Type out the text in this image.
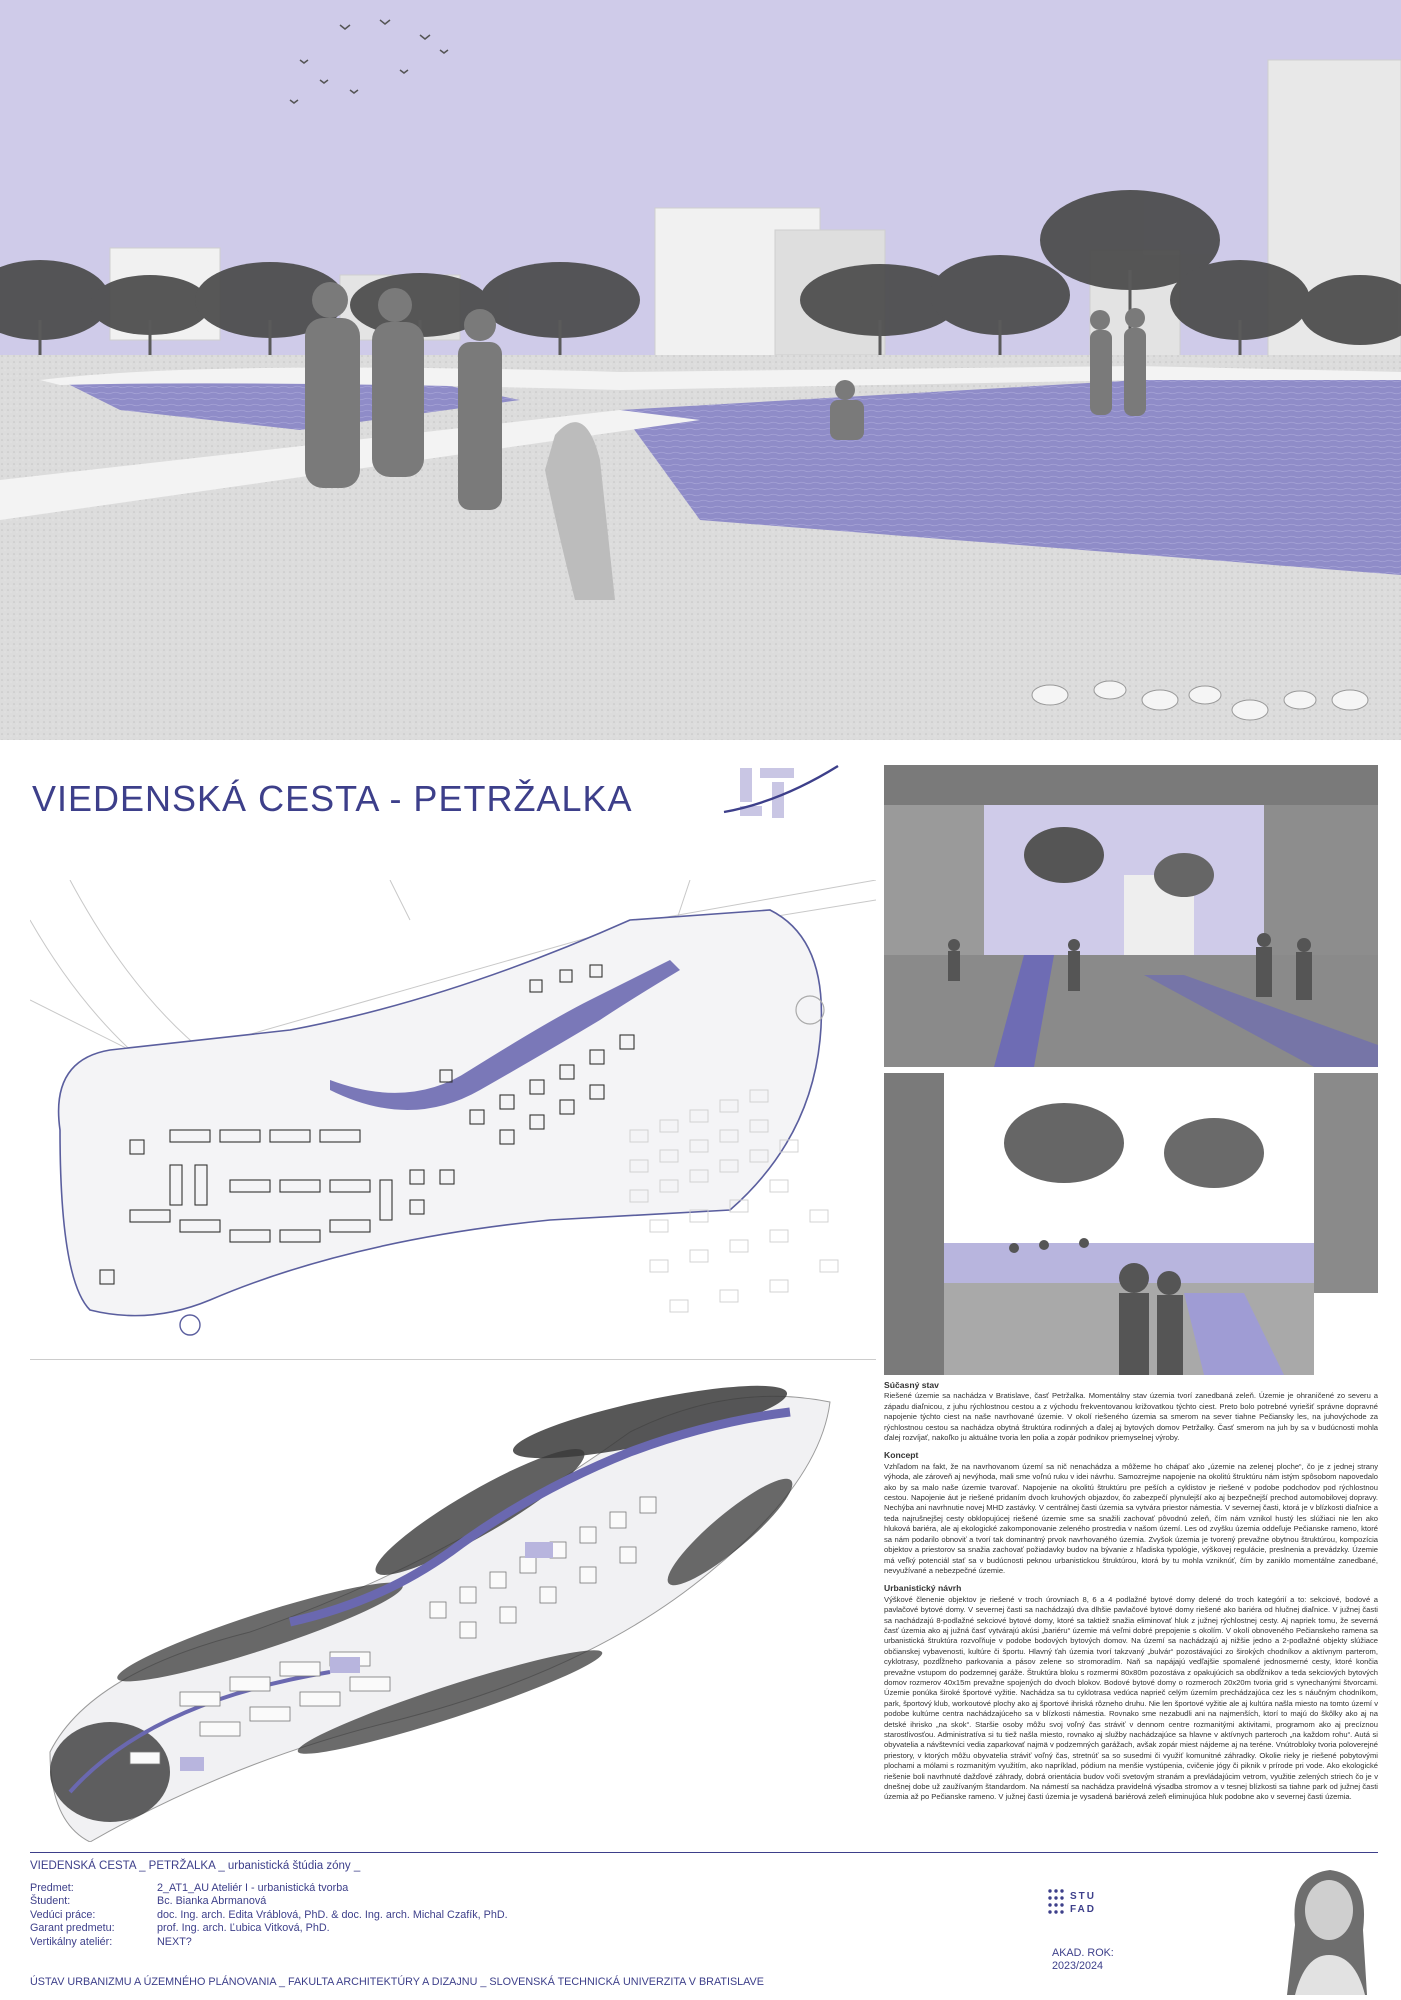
VIEDENSKÁ CESTA - PETRŽALKA
Súčasný stav

Riešené územie sa nachádza v Bratislave, časť Petržalka. Momentálny stav územia tvorí zanedbaná zeleň. Územie je ohraničené zo severu a západu diaľnicou, z juhu rýchlostnou cestou a z východu frekventovanou križovatkou týchto ciest. Preto bolo potrebné vyriešiť správne dopravné napojenie týchto ciest na naše navrhované územie. V okolí riešeného územia sa smerom na sever tiahne Pečiansky les, na juhovýchode za rýchlostnou cestou sa nachádza obytná štruktúra rodinných a ďalej aj bytových domov Petržalky. Časť smerom na juh by sa v budúcnosti mohla ďalej rozvíjať, nakoľko ju aktuálne tvoria len polia a zopár podnikov priemyselnej výroby.

Koncept

Vzhľadom na fakt, že na navrhovanom území sa nič nenachádza a môžeme ho chápať ako „územie na zelenej ploche“, čo je z jednej strany výhoda, ale zároveň aj nevýhoda, mali sme voľnú ruku v idei návrhu. Samozrejme napojenie na okolitú štruktúru nám istým spôsobom napovedalo ako by sa malo naše územie tvarovať. Napojenie na okolitú štruktúru pre peších a cyklistov je riešené v podobe podchodov pod rýchlostnou cestou. Napojenie áut je riešené pridaním dvoch kruhových objazdov, čo zabezpečí plynulejší ako aj bezpečnejší prechod automobilovej dopravy. Nechýba ani navrhnutie novej MHD zastávky. V centrálnej časti územia sa vytvára priestor námestia. V severnej časti, ktorá je v blízkosti diaľnice a teda najrušnejšej cesty obklopujúcej riešené územie sme sa snažili zachovať pôvodnú zeleň, čím nám vznikol hustý les slúžiaci nie len ako hluková bariéra, ale aj ekologické zakomponovanie zeleného prostredia v našom území. Les od zvyšku územia oddeľuje Pečianske rameno, ktoré sa nám podarilo obnoviť a tvorí tak dominantný prvok navrhovaného územia. Zvyšok územia je tvorený prevažne obytnou štruktúrou, kompozícia objektov a priestorov sa snažia zachovať požiadavky budov na bývanie z hľadiska typológie, výškovej regulácie, preslnenia a prevádzky. Územie má veľký potenciál stať sa v budúcnosti peknou urbanistickou štruktúrou, ktorá by tu mohla vzniknúť, čím by zaniklo momentálne zanedbané, nevyužívané a nebezpečné územie.

Urbanistický návrh

Výškové členenie objektov je riešené v troch úrovniach 8, 6 a 4 podlažné bytové domy delené do troch kategórií a to: sekciové, bodové a pavlačové bytové domy. V severnej časti sa nachádzajú dva dlhšie pavlačové bytové domy riešené ako bariéra od hlučnej diaľnice. V južnej časti sa nachádzajú 8-podlažné sekciové bytové domy, ktoré sa taktiež snažia eliminovať hluk z južnej rýchlostnej cesty. Aj napriek tomu, že severná časť územia ako aj južná časť vytvárajú akúsi „bariéru“ územie má veľmi dobré prepojenie s okolím. V okolí obnoveného Pečianskeho ramena sa urbanistická štruktúra rozvoľňuje v podobe bodových bytových domov. Na území sa nachádzajú aj nižšie jedno a 2-podlažné objekty slúžiace občianskej vybavenosti, kultúre či športu. Hlavný ťah územia tvorí takzvaný „bulvár“ pozostávajúci zo širokých chodníkov a aktívnym parterom, cyklotrasy, pozdĺžneho parkovania a pásov zelene so stromoradím. Naň sa napájajú vedľajšie spomalené jednosmerné cesty, ktoré končia prevažne vstupom do podzemnej garáže. Štruktúra bloku s rozmermi 80x80m pozostáva z opakujúcich sa obdĺžnikov a teda sekciových bytových domov rozmerov 40x15m prevažne spojených do dvoch blokov. Bodové bytové domy o rozmeroch 20x20m tvoria grid s vynechanými štvorcami. Územie ponúka široké športové vyžitie. Nachádza sa tu cyklotrasa vedúca naprieč celým územím prechádzajúca cez les s náučným chodníkom, park, športový klub, workoutové plochy ako aj športové ihriská rôzneho druhu. Nie len športové vyžitie ale aj kultúra našla miesto na tomto území v podobe kultúrne centra nachádzajúceho sa v blízkosti námestia. Rovnako sme nezabudli ani na najmenších, ktorí to majú do škôlky ako aj na detské ihrisko „na skok“. Staršie osoby môžu svoj voľný čas stráviť v dennom centre rozmanitými aktivitami, programom ako aj precíznou starostlivosťou. Administratíva si tu tiež našla miesto, rovnako aj služby nachádzajúce sa hlavne v aktívnych parteroch „na každom rohu“. Autá si obyvatelia a návštevníci vedia zaparkovať najmä v podzemných garážach, avšak zopár miest nájdeme aj na teréne. Vnútrobloky tvoria poloverejné priestory, v ktorých môžu obyvatelia stráviť voľný čas, stretnúť sa so susedmi či využiť komunitné záhradky. Okolie rieky je riešené pobytovými plochami a mólami s rozmanitým využitím, ako napríklad, pódium na menšie vystúpenia, cvičenie jógy či piknik v prírode pri vode. Ako ekologické riešenie boli navrhnuté dažďové záhrady, dobrá orientácia budov voči svetovým stranám a prevládajúcim vetrom, využitie zelených striech čo je v dnešnej dobe už zaužívaným štandardom. Na námestí sa nachádza pravidelná výsadba stromov a v tesnej blízkosti sa tiahne park od južnej časti územia až po Pečianske rameno. V južnej časti územia je vysadená bariérová zeleň eliminujúca hluk podobne ako v severnej časti územia.

VIEDENSKÁ CESTA _ PETRŽALKA _ urbanistická štúdia zóny _
Predmet:	2_AT1_AU Ateliér I - urbanistická tvorba
Študent:	Bc. Bianka Abrmanová
Vedúci práce:	doc. Ing. arch. Edita Vráblová, PhD. & doc. Ing. arch. Michal Czafík, PhD.
Garant predmetu:	prof. Ing. arch. Ľubica Vitková, PhD.
Vertikálny ateliér:	NEXT?
ÚSTAV URBANIZMU A ÚZEMNÉHO PLÁNOVANIA _ FAKULTA ARCHITEKTÚRY A DIZAJNU _ SLOVENSKÁ TECHNICKÁ UNIVERZITA V BRATISLAVE
STU
FAD
AKAD. ROK:
2023/2024
